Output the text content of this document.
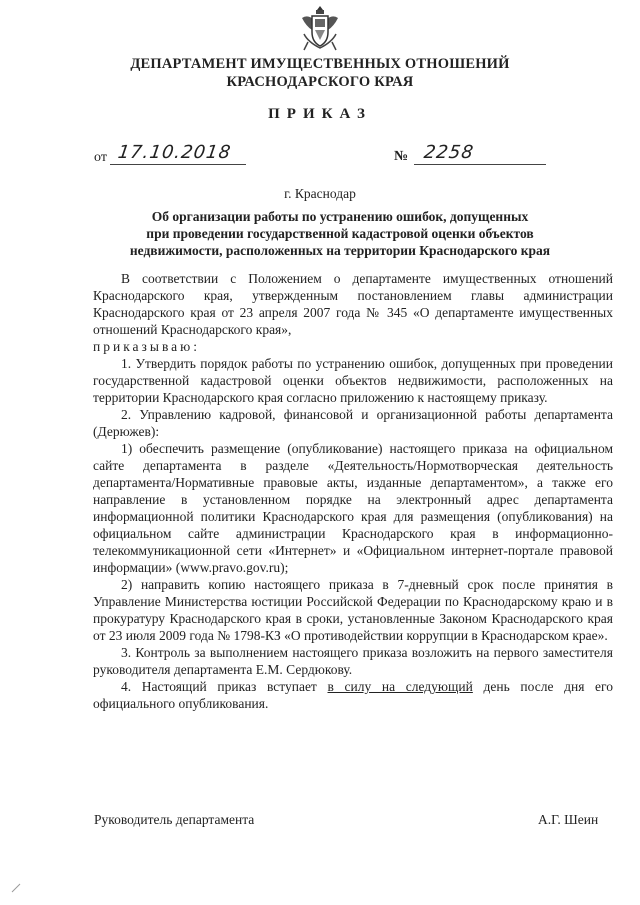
ДЕПАРТАМЕНТ ИМУЩЕСТВЕННЫХ ОТНОШЕНИЙ
КРАСНОДАРСКОГО КРАЯ
ПРИКАЗ
от 17.10.2018	№ 2258
г. Краснодар
Об организации работы по устранению ошибок, допущенных
при проведении государственной кадастровой оценки объектов
недвижимости, расположенных на территории Краснодарского края

В соответствии с Положением о департаменте имущественных отношений Краснодарского края, утвержденным постановлением главы администрации Краснодарского края от 23 апреля 2007 года № 345 «О департаменте имущественных отношений Краснодарского края»,

приказываю:

1. Утвердить порядок работы по устранению ошибок, допущенных при проведении государственной кадастровой оценки объектов недвижимости, расположенных на территории Краснодарского края согласно приложению к настоящему приказу.

2. Управлению кадровой, финансовой и организационной работы департамента (Дерюжев):

1) обеспечить размещение (опубликование) настоящего приказа на официальном сайте департамента в разделе «Деятельность/Нормотворческая деятельность департамента/Нормативные правовые акты, изданные департаментом», а также его направление в установленном порядке на электронный адрес департамента информационной политики Краснодарского края для размещения (опубликования) на официальном сайте администрации Краснодарского края в информационно-телекоммуникационной сети «Интернет» и «Официальном интернет-портале правовой информации» (www.pravo.gov.ru);

2) направить копию настоящего приказа в 7-дневный срок после принятия в Управление Министерства юстиции Российской Федерации по Краснодарскому краю и в прокуратуру Краснодарского края в сроки, установленные Законом Краснодарского края от 23 июля 2009 года № 1798-КЗ «О противодействии коррупции в Краснодарском крае».

3. Контроль за выполнением настоящего приказа возложить на первого заместителя руководителя департамента Е.М. Сердюкову.

4. Настоящий приказ вступает в силу на следующий день после дня его официального опубликования.

Руководитель департамента	А.Г. Шеин
